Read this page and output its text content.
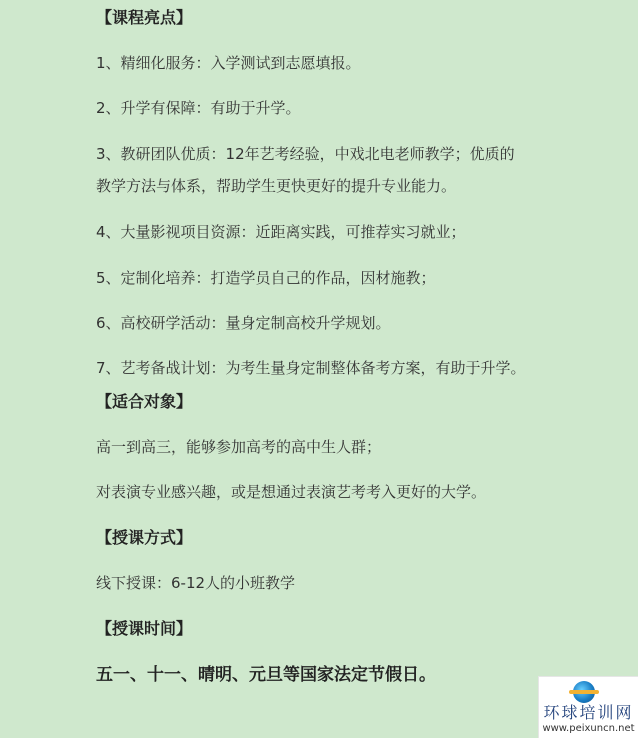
【课程亮点】
1、精细化服务：入学测试到志愿填报。
2、升学有保障：有助于升学。
3、教研团队优质：12年艺考经验，中戏北电老师教学；优质的
教学方法与体系，帮助学生更快更好的提升专业能力。
4、大量影视项目资源：近距离实践，可推荐实习就业；
5、定制化培养：打造学员自己的作品，因材施教；
6、高校研学活动：量身定制高校升学规划。
7、艺考备战计划：为考生量身定制整体备考方案，有助于升学。
【适合对象】
高一到高三，能够参加高考的高中生人群；
对表演专业感兴趣，或是想通过表演艺考考入更好的大学。
【授课方式】
线下授课：6-12人的小班教学
【授课时间】
五一、十一、晴明、元旦等国家法定节假日。
环球培训网
www.peixuncn.net
